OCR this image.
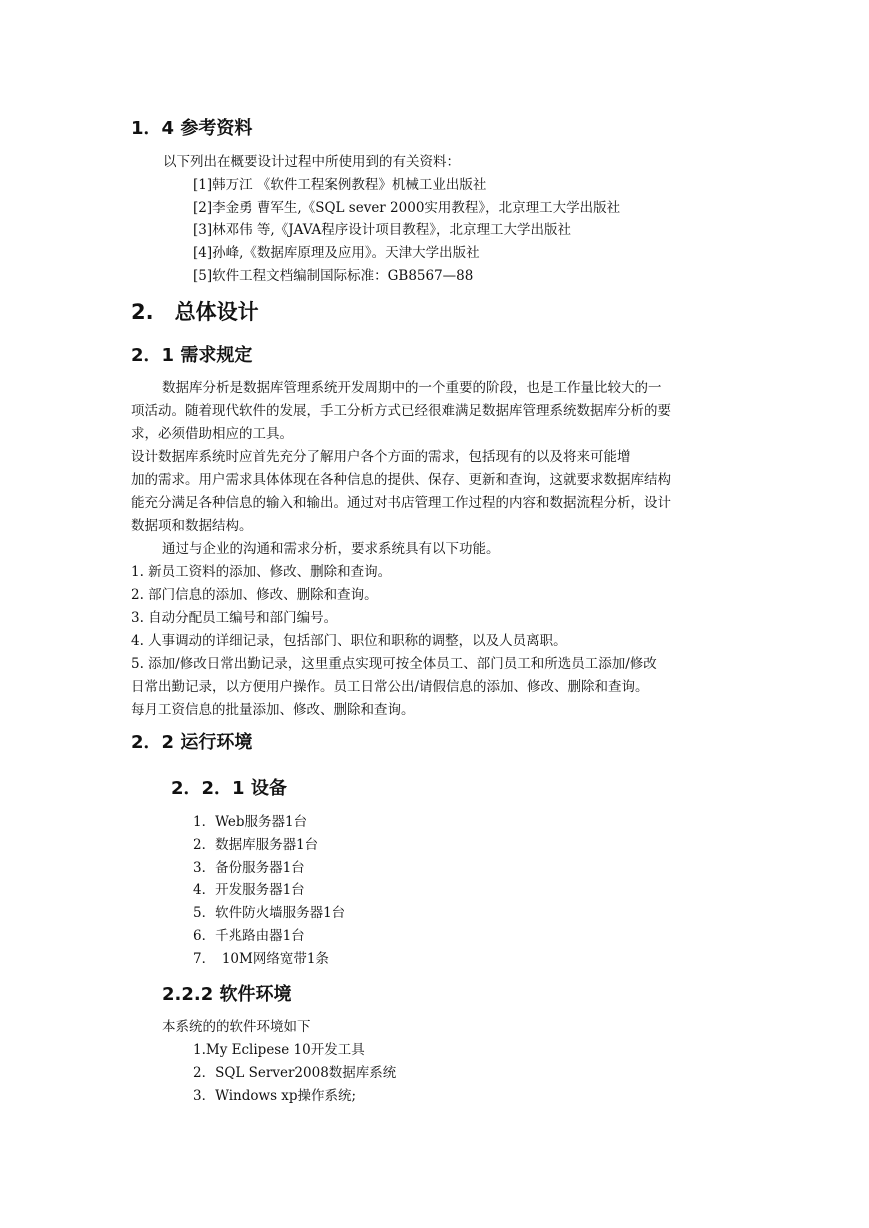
1．4 参考资料
以下列出在概要设计过程中所使用到的有关资料：
[1]韩万江 《软件工程案例教程》机械工业出版社
[2]李金勇 曹军生,《SQL sever 2000实用教程》，北京理工大学出版社
[3]林邓伟 等,《JAVA程序设计项目教程》，北京理工大学出版社
[4]孙峰,《数据库原理及应用》。天津大学出版社
[5]软件工程文档编制国际标准：GB8567—88
2.　总体设计
2．1 需求规定
数据库分析是数据库管理系统开发周期中的一个重要的阶段，也是工作量比较大的一
项活动。随着现代软件的发展，手工分析方式已经很难满足数据库管理系统数据库分析的要
求，必须借助相应的工具。
设计数据库系统时应首先充分了解用户各个方面的需求，包括现有的以及将来可能增
加的需求。用户需求具体体现在各种信息的提供、保存、更新和查询，这就要求数据库结构
能充分满足各种信息的输入和输出。通过对书店管理工作过程的内容和数据流程分析，设计
数据项和数据结构。
通过与企业的沟通和需求分析，要求系统具有以下功能。
1. 新员工资料的添加、修改、删除和查询。
2. 部门信息的添加、修改、删除和查询。
3. 自动分配员工编号和部门编号。
4. 人事调动的详细记录，包括部门、职位和职称的调整，以及人员离职。
5. 添加/修改日常出勤记录，这里重点实现可按全体员工、部门员工和所选员工添加/修改
日常出勤记录，以方便用户操作。员工日常公出/请假信息的添加、修改、删除和查询。
每月工资信息的批量添加、修改、删除和查询。
2．2 运行环境
2．2．1 设备
1．Web服务器1台
2．数据库服务器1台
3．备份服务器1台
4．开发服务器1台
5．软件防火墙服务器1台
6．千兆路由器1台
7．　10M网络宽带1条
2.2.2 软件环境
本系统的的软件环境如下
1.My Eclipese 10开发工具
2．SQL Server2008数据库系统
3．Windows xp操作系统;
